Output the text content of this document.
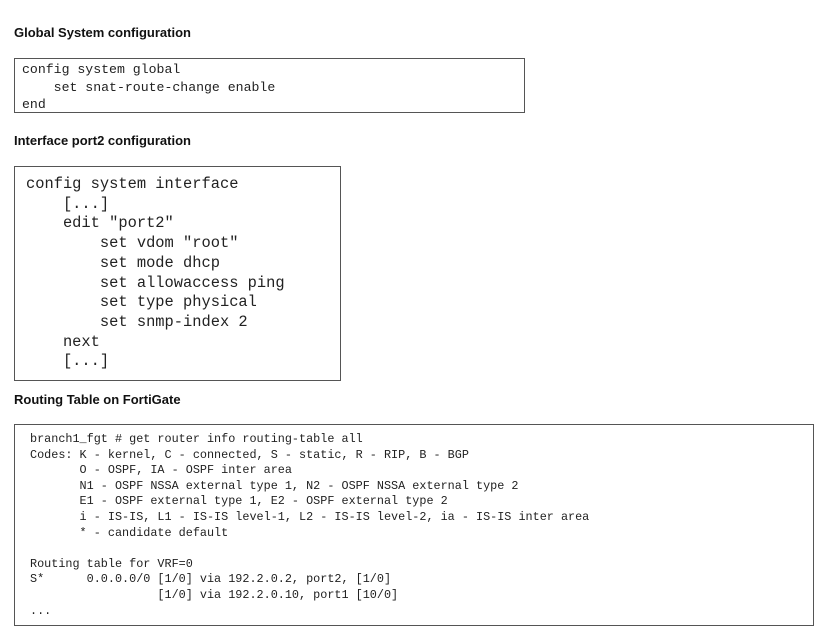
Global System configuration
config system global
set snat-route-change enable
end
Interface port2 configuration
config system interface
[...]
edit "port2"
set vdom "root"
set mode dhcp
set allowaccess ping
set type physical
set snmp-index 2
next
[...]
Routing Table on FortiGate
branch1_fgt # get router info routing-table all
Codes: K - kernel, C - connected, S - static, R - RIP, B - BGP
O - OSPF, IA - OSPF inter area
N1 - OSPF NSSA external type 1, N2 - OSPF NSSA external type 2
E1 - OSPF external type 1, E2 - OSPF external type 2
i - IS-IS, L1 - IS-IS level-1, L2 - IS-IS level-2, ia - IS-IS inter area
* - candidate default

Routing table for VRF=0
S*      0.0.0.0/0 [1/0] via 192.2.0.2, port2, [1/0]
[1/0] via 192.2.0.10, port1 [10/0]
...
